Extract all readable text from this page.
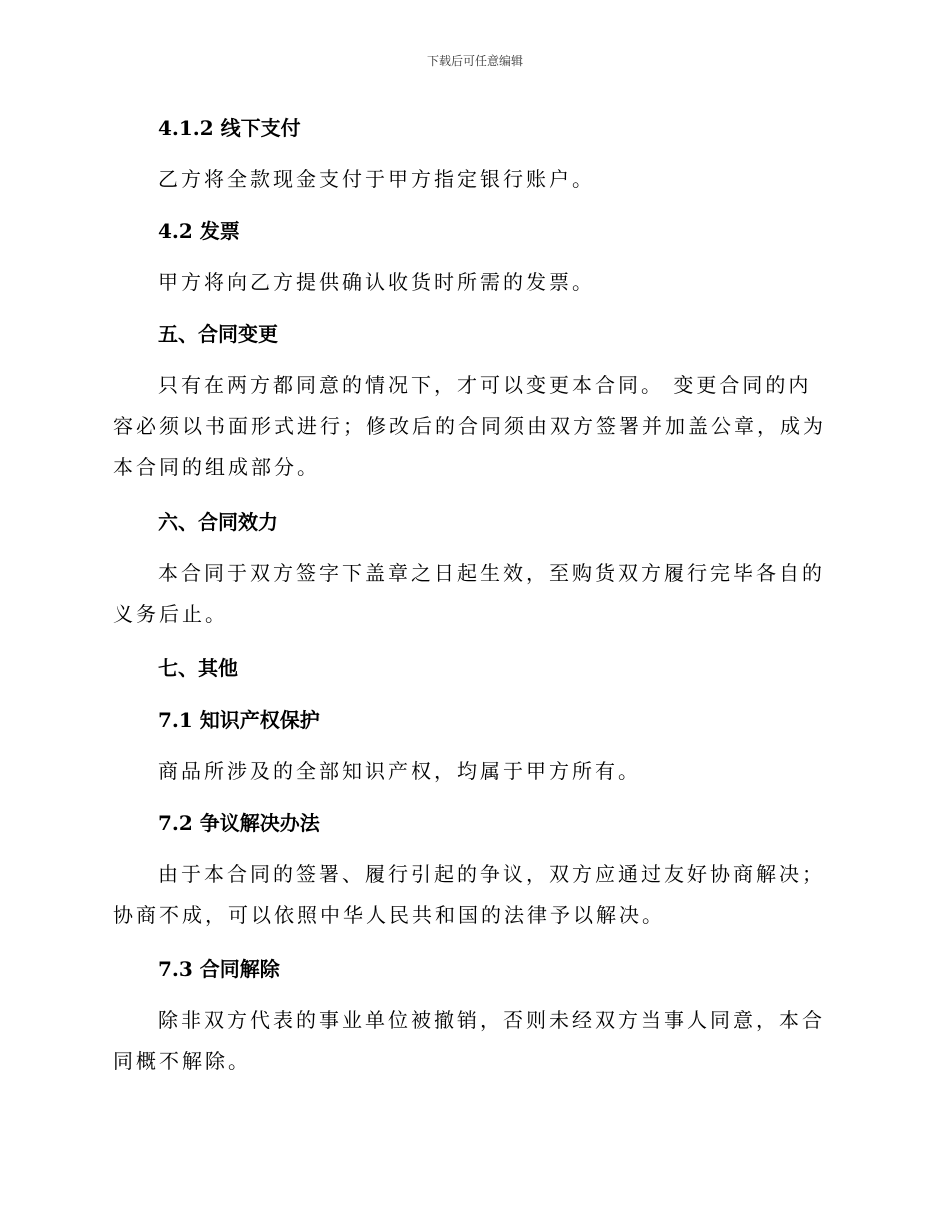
下载后可任意编辑
4.1.2 线下支付

乙方将全款现金支付于甲方指定银行账户。

4.2 发票

甲方将向乙方提供确认收货时所需的发票。

五、合同变更

只有在两方都同意的情况下，才可以变更本合同。 变更合同的内容必须以书面形式进行；修改后的合同须由双方签署并加盖公章，成为本合同的组成部分。

六、合同效力

本合同于双方签字下盖章之日起生效，至购货双方履行完毕各自的义务后止。

七、其他
7.1 知识产权保护

商品所涉及的全部知识产权，均属于甲方所有。

7.2 争议解决办法

由于本合同的签署、履行引起的争议，双方应通过友好协商解决；协商不成，可以依照中华人民共和国的法律予以解决。

7.3 合同解除

除非双方代表的事业单位被撤销，否则未经双方当事人同意，本合同概不解除。
